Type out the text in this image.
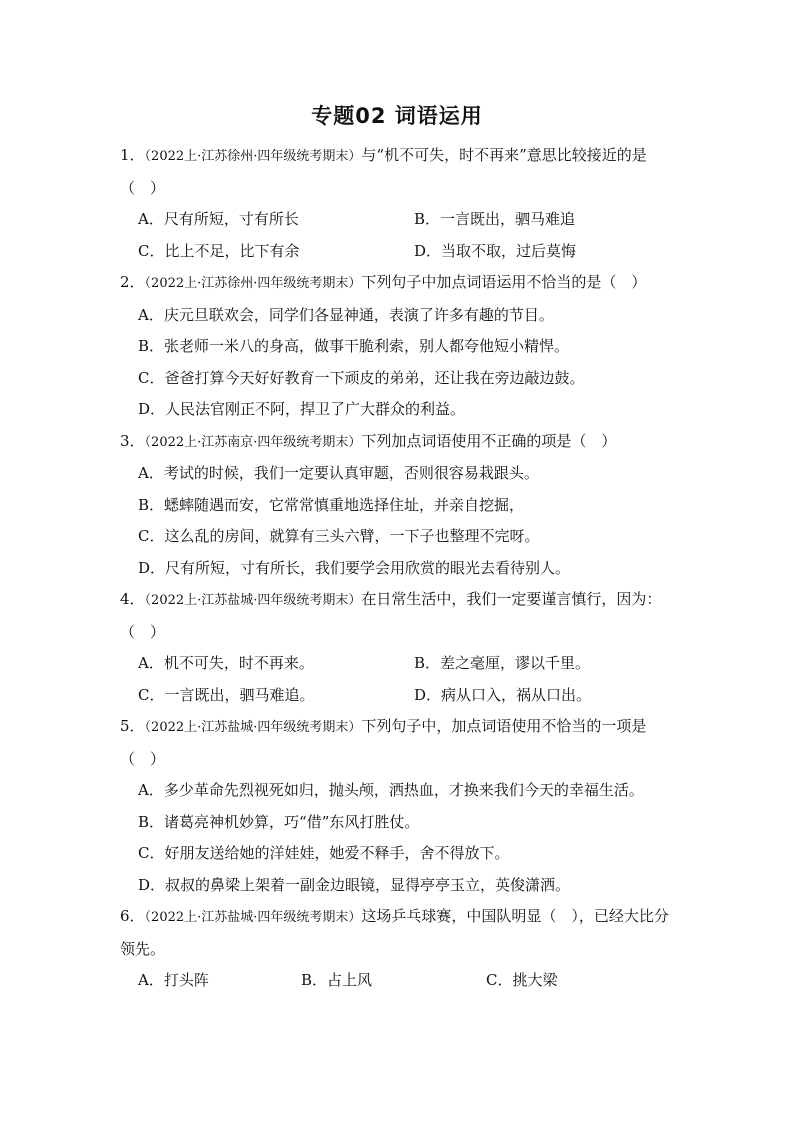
专题02 词语运用

1．（2022上·江苏徐州·四年级统考期末）与“机不可失，时不再来”意思比较接近的是（　）

A．尺有所短，寸有所长	B．一言既出，驷马难追
C．比上不足，比下有余	D．当取不取，过后莫悔

2．（2022上·江苏徐州·四年级统考期末）下列句子中加点词语运用不恰当的是（　）

A．庆元旦联欢会，同学们各显神通，表演了许多有趣的节目。
B．张老师一米八的身高，做事干脆利索，别人都夸他短小精悍。
C．爸爸打算今天好好教育一下顽皮的弟弟，还让我在旁边敲边鼓。
D．人民法官刚正不阿，捍卫了广大群众的利益。

3．（2022上·江苏南京·四年级统考期末）下列加点词语使用不正确的项是（　）

A．考试的时候，我们一定要认真审题，否则很容易栽跟头。
B．蟋蟀随遇而安，它常常慎重地选择住址，并亲自挖掘，
C．这么乱的房间，就算有三头六臂，一下子也整理不完呀。
D．尺有所短，寸有所长，我们要学会用欣赏的眼光去看待别人。

4．（2022上·江苏盐城·四年级统考期末）在日常生活中，我们一定要谨言慎行，因为：（　）

A．机不可失，时不再来。	B．差之毫厘，谬以千里。
C．一言既出，驷马难追。	D．病从口入，祸从口出。

5．（2022上·江苏盐城·四年级统考期末）下列句子中，加点词语使用不恰当的一项是（　）

A．多少革命先烈视死如归，抛头颅，洒热血，才换来我们今天的幸福生活。
B．诸葛亮神机妙算，巧“借”东风打胜仗。
C．好朋友送给她的洋娃娃，她爱不释手，舍不得放下。
D．叔叔的鼻梁上架着一副金边眼镜，显得亭亭玉立，英俊潇洒。

6．（2022上·江苏盐城·四年级统考期末）这场乒乓球赛，中国队明显（　），已经大比分领先。

A．打头阵	B．占上风	C．挑大梁
